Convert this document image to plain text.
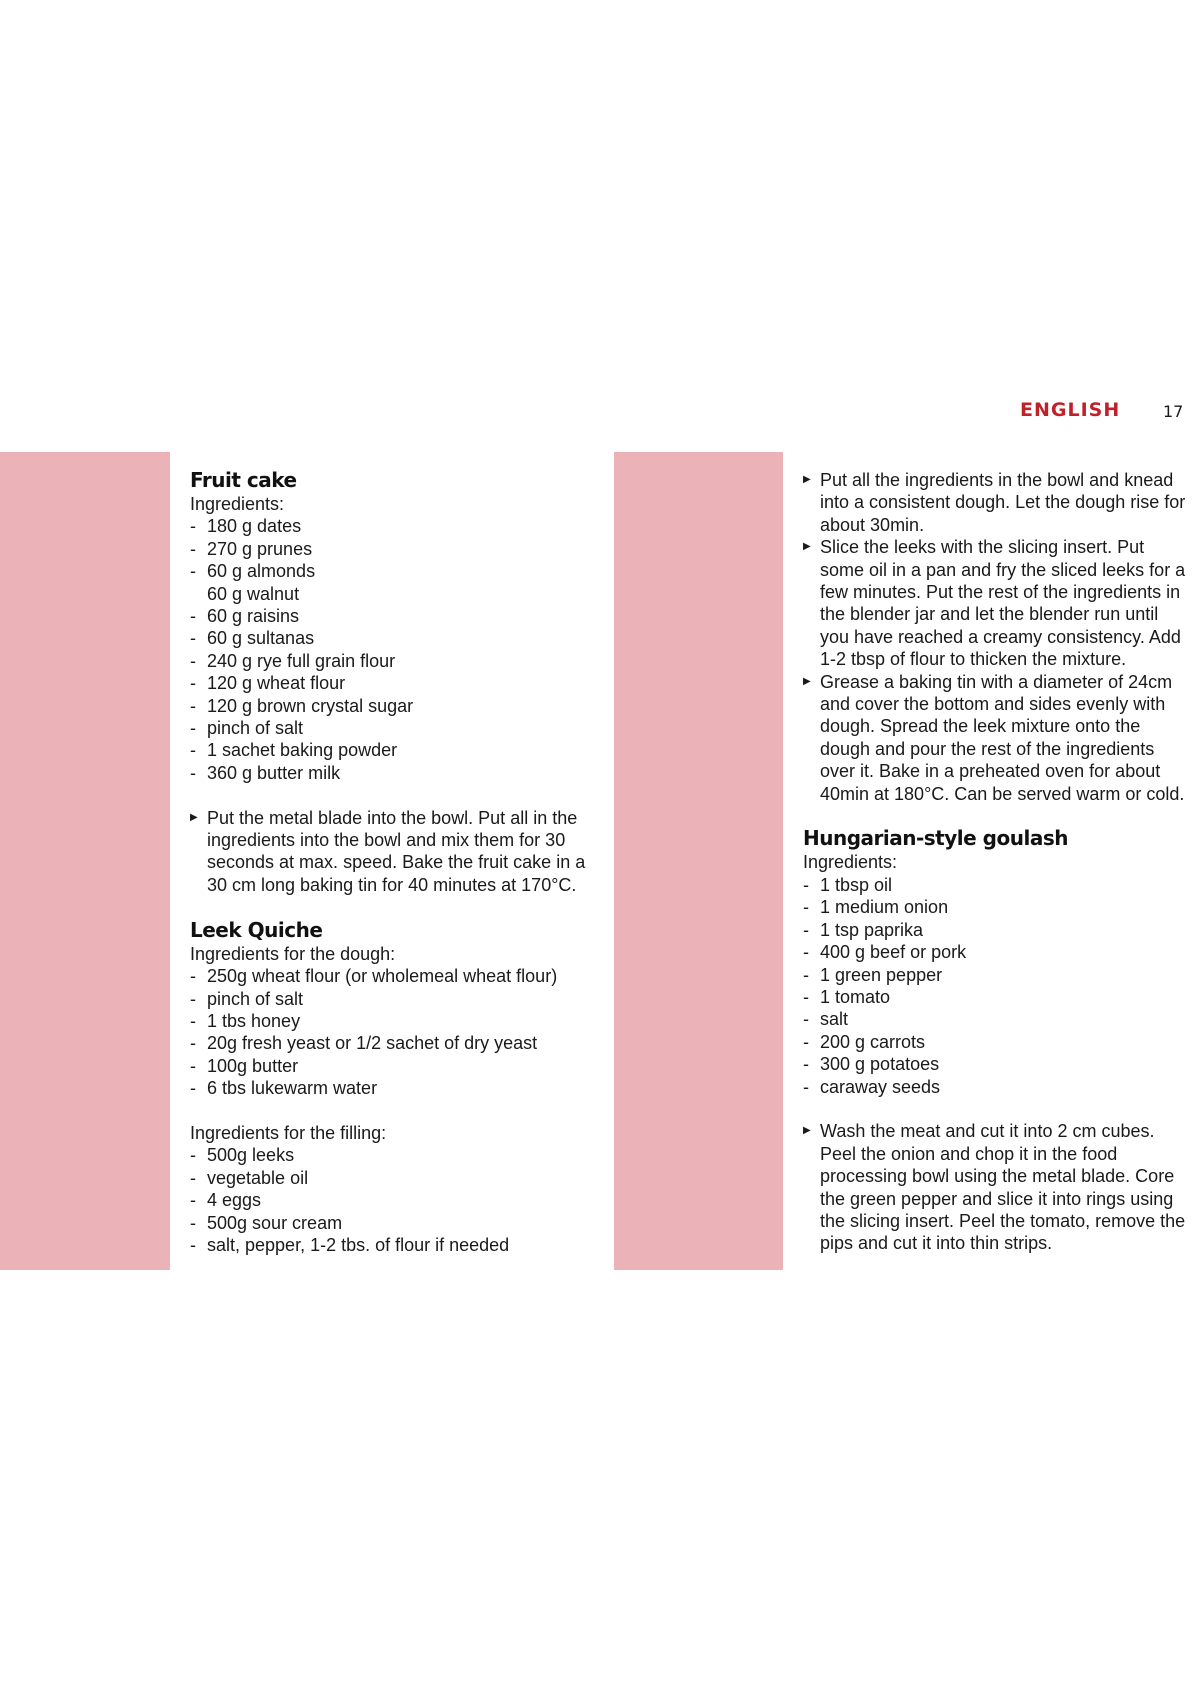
ENGLISH	17
Fruit cake

Ingredients:

- 180 g dates
- 270 g prunes
- 60 g almonds
60 g walnut
- 60 g raisins
- 60 g sultanas
- 240 g rye full grain flour
- 120 g wheat flour
- 120 g brown crystal sugar
- pinch of salt
- 1 sachet baking powder
- 360 g butter milk

▶ Put the metal blade into the bowl. Put all in the ingredients into the bowl and mix them for 30 seconds at max. speed. Bake the fruit cake in a 30 cm long baking tin for 40 minutes at 170°C.

Leek Quiche

Ingredients for the dough:

- 250g wheat flour (or wholemeal wheat flour)
- pinch of salt
- 1 tbs honey
- 20g fresh yeast or 1/2 sachet of dry yeast
- 100g butter
- 6 tbs lukewarm water

Ingredients for the filling:

- 500g leeks
- vegetable oil
- 4 eggs
- 500g sour cream
- salt, pepper, 1-2 tbs. of flour if needed

▶ Put all the ingredients in the bowl and knead into a consistent dough. Let the dough rise for about 30min.

▶ Slice the leeks with the slicing insert. Put some oil in a pan and fry the sliced leeks for a few minutes. Put the rest of the ingredients in the blender jar and let the blender run until you have reached a creamy consistency. Add 1-2 tbsp of flour to thicken the mixture.

▶ Grease a baking tin with a diameter of 24cm and cover the bottom and sides evenly with dough. Spread the leek mixture onto the dough and pour the rest of the ingredients over it. Bake in a preheated oven for about 40min at 180°C. Can be served warm or cold.

Hungarian-style goulash

Ingredients:

- 1 tbsp oil
- 1 medium onion
- 1 tsp paprika
- 400 g beef or pork
- 1 green pepper
- 1 tomato
- salt
- 200 g carrots
- 300 g potatoes
- caraway seeds

▶ Wash the meat and cut it into 2 cm cubes. Peel the onion and chop it in the food processing bowl using the metal blade. Core the green pepper and slice it into rings using the slicing insert. Peel the tomato, remove the pips and cut it into thin strips.
